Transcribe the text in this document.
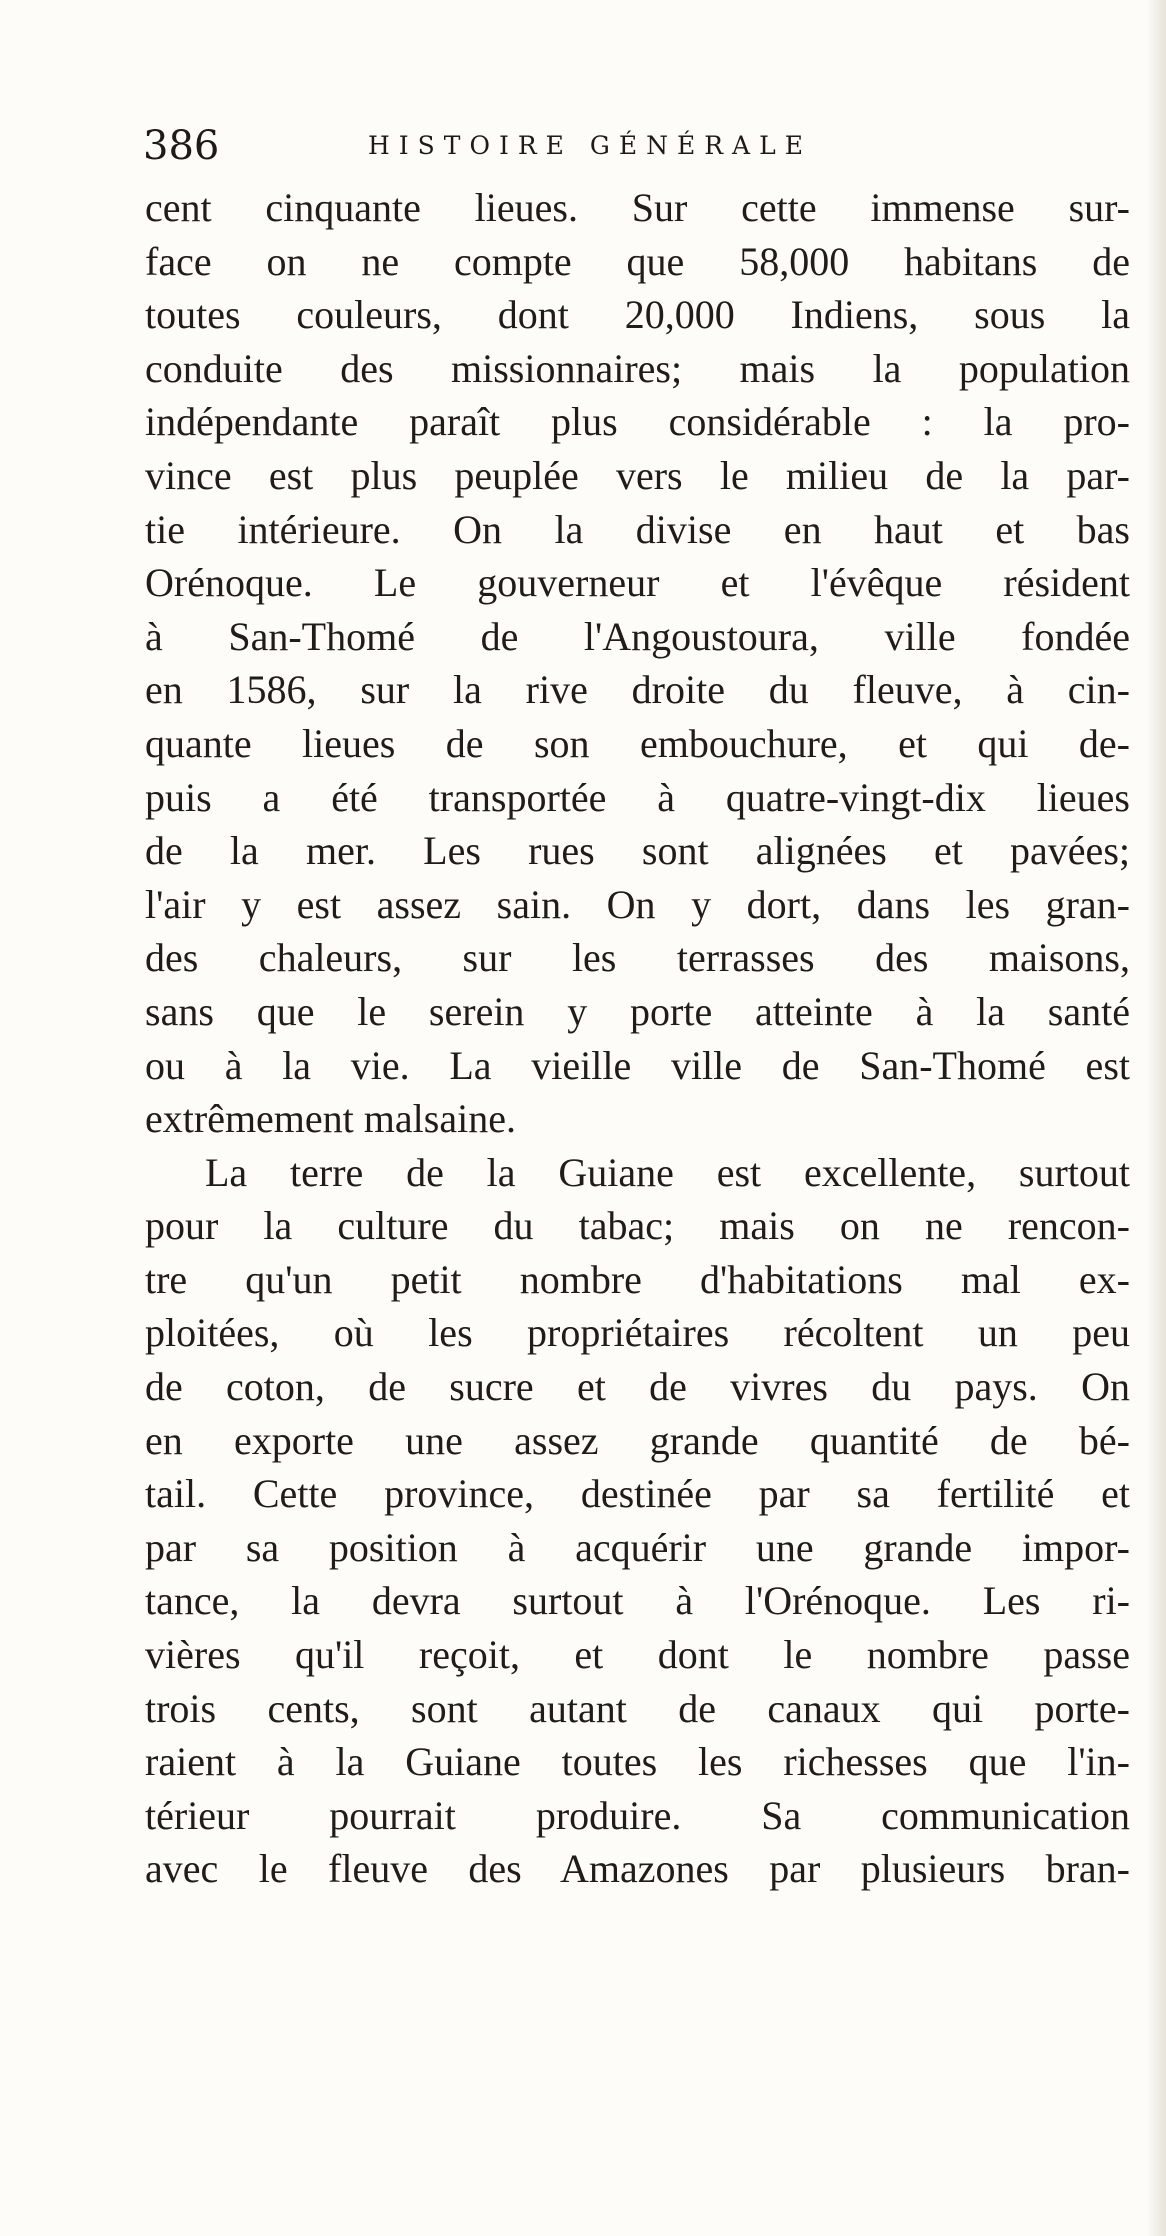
386	HISTOIRE GÉNÉRALE
cent cinquante lieues. Sur cette immense sur-
face on ne compte que 58,000 habitans de
toutes couleurs, dont 20,000 Indiens, sous la
conduite des missionnaires; mais la population
indépendante paraît plus considérable : la pro-
vince est plus peuplée vers le milieu de la par-
tie intérieure. On la divise en haut et bas
Orénoque. Le gouverneur et l'évêque résident
à San-Thomé de l'Angoustoura, ville fondée
en 1586, sur la rive droite du fleuve, à cin-
quante lieues de son embouchure, et qui de-
puis a été transportée à quatre-vingt-dix lieues
de la mer. Les rues sont alignées et pavées;
l'air y est assez sain. On y dort, dans les gran-
des chaleurs, sur les terrasses des maisons,
sans que le serein y porte atteinte à la santé
ou à la vie. La vieille ville de San-Thomé est
extrêmement malsaine.
La terre de la Guiane est excellente, surtout
pour la culture du tabac; mais on ne rencon-
tre qu'un petit nombre d'habitations mal ex-
ploitées, où les propriétaires récoltent un peu
de coton, de sucre et de vivres du pays. On
en exporte une assez grande quantité de bé-
tail. Cette province, destinée par sa fertilité et
par sa position à acquérir une grande impor-
tance, la devra surtout à l'Orénoque. Les ri-
vières qu'il reçoit, et dont le nombre passe
trois cents, sont autant de canaux qui porte-
raient à la Guiane toutes les richesses que l'in-
térieur pourrait produire. Sa communication
avec le fleuve des Amazones par plusieurs bran-
